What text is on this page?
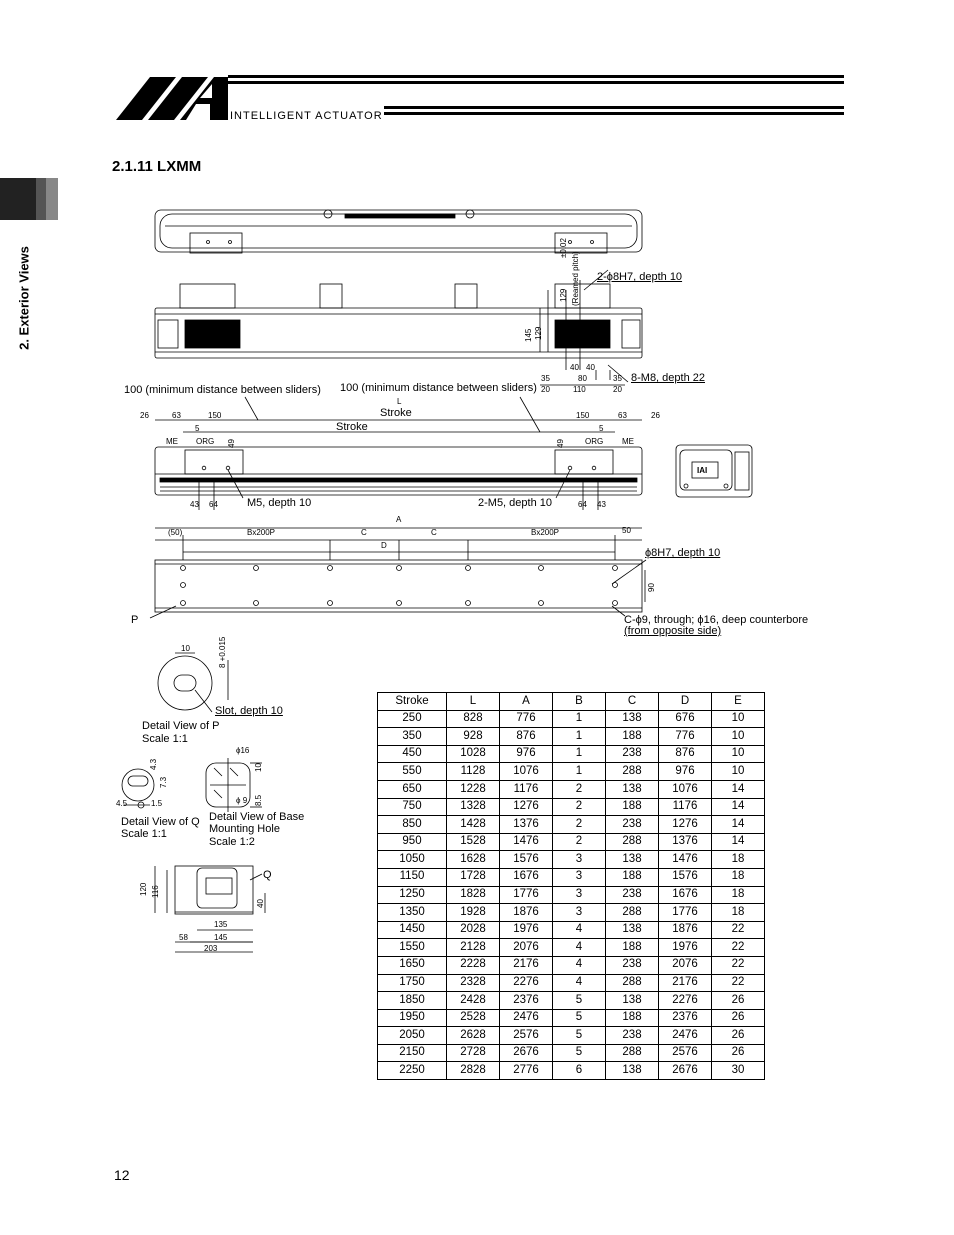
INTELLIGENT ACTUATOR
2.1.11 LXMM
2. Exterior Views	2-ϕ8H7, depth 10
±0.02
129 (Reamed pitch)
145 129
40 40
80
35	35
20	110	20
8-M8, depth 22
100 (minimum distance between sliders) 100 (minimum distance between sliders)
L
Stroke
Stroke
26	63	150	150	63	26
5	5
ME ORG	ORG ME
49	49
43 64	M5, depth 10	2-M5, depth 10	64 43
A
(50)	Bx200P	C	C	Bx200P	50
D
ϕ8H7, depth 10
90
P	C-ϕ9, through; ϕ16, deep counterbore
(from opposite side)
10	8 +0.015
Slot, depth 10
Detail View of P
Scale 1:1
ϕ16
4.3
7.3
10
ϕ 9 8.5
4.5	1.5
Detail View of Q
Scale 1:1
Detail View of Base
Mounting Hole
Scale 1:2
Q
120 116
40
135
58	145
203
IAI
Stroke	L	A	B	C	D	E
250	828	776	1	138	676	10
350	928	876	1	188	776	10
450	1028	976	1	238	876	10
550	1128	1076	1	288	976	10
650	1228	1176	2	138	1076	14
750	1328	1276	2	188	1176	14
850	1428	1376	2	238	1276	14
950	1528	1476	2	288	1376	14
1050	1628	1576	3	138	1476	18
1150	1728	1676	3	188	1576	18
1250	1828	1776	3	238	1676	18
1350	1928	1876	3	288	1776	18
1450	2028	1976	4	138	1876	22
1550	2128	2076	4	188	1976	22
1650	2228	2176	4	238	2076	22
1750	2328	2276	4	288	2176	22
1850	2428	2376	5	138	2276	26
1950	2528	2476	5	188	2376	26
2050	2628	2576	5	238	2476	26
2150	2728	2676	5	288	2576	26
2250	2828	2776	6	138	2676	30
12
